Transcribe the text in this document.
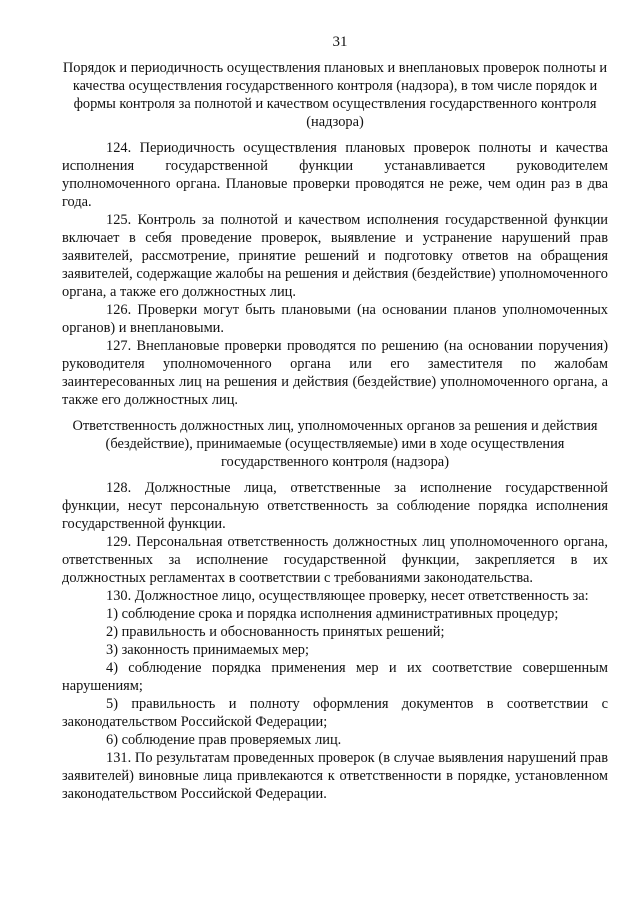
31
Порядок и периодичность осуществления плановых и внеплановых проверок полноты и качества осуществления государственного контроля (надзора), в том числе порядок и формы контроля за полнотой и качеством осуществления государственного контроля (надзора)

124. Периодичность осуществления плановых проверок полноты и качества исполнения государственной функции устанавливается руководителем уполномоченного органа. Плановые проверки проводятся не реже, чем один раз в два года.

125. Контроль за полнотой и качеством исполнения государственной функции включает в себя проведение проверок, выявление и устранение нарушений прав заявителей, рассмотрение, принятие решений и подготовку ответов на обращения заявителей, содержащие жалобы на решения и действия (бездействие) уполномоченного органа, а также его должностных лиц.

126. Проверки могут быть плановыми (на основании планов уполномоченных органов) и внеплановыми.

127. Внеплановые проверки проводятся по решению (на основании поручения) руководителя уполномоченного органа или его заместителя по жалобам заинтересованных лиц на решения и действия (бездействие) уполномоченного органа, а также его должностных лиц.

Ответственность должностных лиц, уполномоченных органов за решения и действия (бездействие), принимаемые (осуществляемые) ими в ходе осуществления государственного контроля (надзора)

128. Должностные лица, ответственные за исполнение государственной функции, несут персональную ответственность за соблюдение порядка исполнения государственной функции.

129. Персональная ответственность должностных лиц уполномоченного органа, ответственных за исполнение государственной функции, закрепляется в их должностных регламентах в соответствии с требованиями законодательства.

130. Должностное лицо, осуществляющее проверку, несет ответственность за:

1) соблюдение срока и порядка исполнения административных процедур;

2) правильность и обоснованность принятых решений;

3) законность принимаемых мер;

4) соблюдение порядка применения мер и их соответствие совершенным нарушениям;

5) правильность и полноту оформления документов в соответствии с законодательством Российской Федерации;

6) соблюдение прав проверяемых лиц.

131. По результатам проведенных проверок (в случае выявления нарушений прав заявителей) виновные лица привлекаются к ответственности в порядке, установленном законодательством Российской Федерации.
